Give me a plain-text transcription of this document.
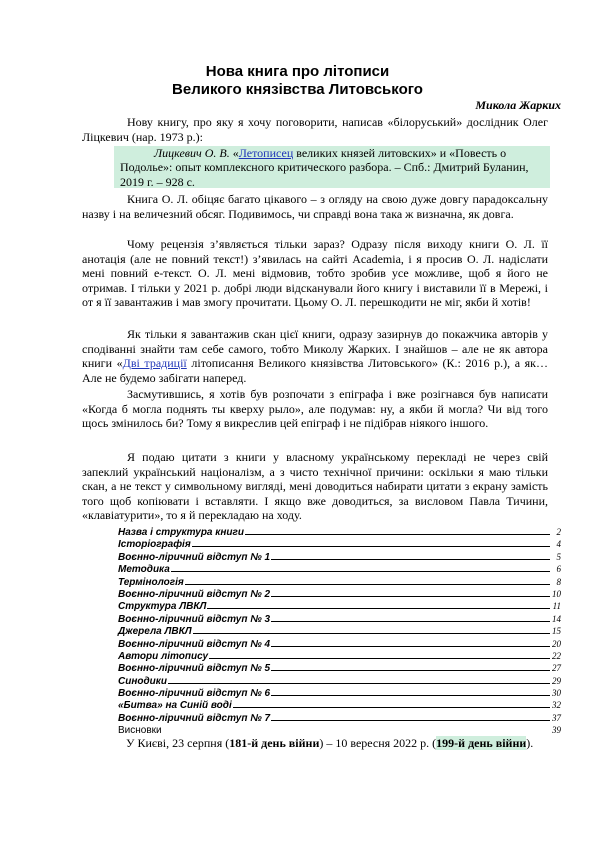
Нова книга про літописи
Великого князівства Литовського
Микола Жарких

Нову книгу, про яку я хочу поговорити, написав «білоруський» дослідник Олег Ліцкевич (нар. 1973 р.):

Лицкевич О. В. «Летописец великих князей литовских» и «Повесть о Подолье»: опыт комплексного критического разбора. – Спб.: Дмитрий Буланин, 2019 г. – 928 с.

Книга О. Л. обіцяє багато цікавого – з огляду на свою дуже довгу парадоксальну назву і на величезний обсяг. Подивимось, чи справді вона така ж визначна, як довга.

Чому рецензія з’являється тільки зараз? Одразу після виходу книги О. Л. її анотація (але не повний текст!) з’явилась на сайті Academia, і я просив О. Л. надіслати мені повний е-текст. О. Л. мені відмовив, тобто зробив усе можливе, щоб я його не отримав. І тільки у 2021 р. добрі люди відсканували його книгу і виставили її в Мережі, і от я її завантажив і мав змогу прочитати. Цьому О. Л. перешкодити не міг, якби й хотів!

Як тільки я завантажив скан цієї книги, одразу зазирнув до покажчика авторів у сподіванні знайти там себе самого, тобто Миколу Жарких. І знайшов – але не як автора книги «Дві традиції літописання Великого князівства Литовського» (К.: 2016 р.), а як… Але не будемо забігати наперед.

Засмутившись, я хотів був розпочати з епіграфа і вже розігнався був написати «Когда б могла поднять ты кверху рыло», але подумав: ну, а якби й могла? Чи від того щось змінилось би? Тому я викреслив цей епіграф і не підібрав ніякого іншого.

Я подаю цитати з книги у власному українському перекладі не через свій запеклий український націоналізм, а з чисто технічної причини: оскільки я маю тільки скан, а не текст у символьному вигляді, мені доводиться набирати цитати з екрану замість того щоб копіювати і вставляти. І якщо вже доводиться, за висловом Павла Тичини, «клавіатурити», то я й перекладаю на ходу.

Назва і структура книги	2
Історіографія	4
Воєнно-ліричний відступ № 1	5
Методика	6
Термінологія	8
Воєнно-ліричний відступ № 2	10
Структура ЛВКЛ	11
Воєнно-ліричний відступ № 3	14
Джерела ЛВКЛ	15
Воєнно-ліричний відступ № 4	20
Автори літопису	22
Воєнно-ліричний відступ № 5	27
Синодики	29
Воєнно-ліричний відступ № 6	30
«Битва» на Синій воді	32
Воєнно-ліричний відступ № 7	37
Висновки	39
У Києві, 23 серпня (181-й день війни) – 10 вересня 2022 р. (199-й день війни).
